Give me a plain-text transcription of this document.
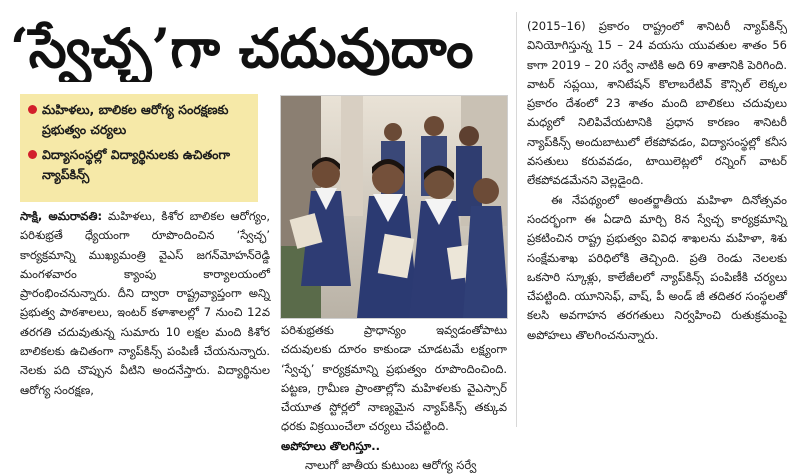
‘స్వేచ్ఛ’గా చదువుదాం
మహిళలు, బాలికల ఆరోగ్య సంరక్షణకు ప్రభుత్వం చర్యలు
విద్యాసంస్థల్లో విద్యార్థినులకు ఉచితంగా న్యాప్‌కిన్స్‌

సాక్షి, అమరావతి: మహిళలు, కిశోర బాలికల ఆరోగ్యం, పరిశుభ్రతే ధ్యేయంగా రూపొందించిన ‘స్వేచ్ఛ’ కార్యక్రమాన్ని ముఖ్యమంత్రి వైఎస్‌ జగన్‌మోహన్‌రెడ్డి మంగళవారం క్యాంపు కార్యాలయంలో ప్రారంభించనున్నారు. దీని ద్వారా రాష్ట్రవ్యాప్తంగా అన్ని ప్రభుత్వ పాఠశాలలు, ఇంటర్‌ కళాశాలల్లో 7 నుంచి 12వ తరగతి చదువుతున్న సుమారు 10 లక్షల మంది కిశోర బాలికలకు ఉచితంగా న్యాప్‌కిన్స్‌ పంపిణీ చేయనున్నారు. నెలకు పది చొప్పున వీటిని అందనేస్తారు. విద్యార్థినుల ఆరోగ్య సంరక్షణ,

పరిశుభ్రతకు ప్రాధాన్యం ఇవ్వడంతోపాటు చదువులకు దూరం కాకుండా చూడటమే లక్ష్యంగా ‘స్వేచ్ఛ’ కార్యక్రమాన్ని ప్రభుత్వం రూపొందించింది. పట్టణ, గ్రామీణ ప్రాంతాల్లోని మహిళలకు వైఎస్సార్‌ చేయూత స్టోర్లలో నాణ్యమైన న్యాప్‌కిన్స్‌ తక్కువ ధరకు విక్రయించేలా చర్యలు చేపట్టింది.

అపోహలు తొలగిస్తూ..

నాలుగో జాతీయ కుటుంబ ఆరోగ్య సర్వే

(2015–16) ప్రకారం రాష్ట్రంలో శానిటరీ న్యాప్‌కిన్స్‌ వినియోగిస్తున్న 15 – 24 వయసు యువతుల శాతం 56 కాగా 2019 – 20 సర్వే నాటికి అది 69 శాతానికి పెరిగింది. వాటర్‌ సప్లయి, శానిటేషన్‌ కొలాబరేటివ్‌ కౌన్సిల్‌ లెక్కల ప్రకారం దేశంలో 23 శాతం మంది బాలికలు చదువులు మధ్యలో నిలిపివేయటానికి ప్రధాన కారణం శానిటరీ న్యాప్‌కిన్స్‌ అందుబాటులో లేకపోవడం, విద్యాసంస్థల్లో కనీస వసతులు కరువవడం, టాయిలెట్లలో రన్నింగ్‌ వాటర్‌ లేకపోవడమేనని వెల్లడైంది.

ఈ నేపథ్యంలో అంతర్జాతీయ మహిళా దినోత్సవం సందర్భంగా ఈ ఏడాది మార్చి 8న స్వేచ్ఛ కార్యక్రమాన్ని ప్రకటించిన రాష్ట్ర ప్రభుత్వం వివిధ శాఖలను మహిళా, శిశు సంక్షేమశాఖ పరిధిలోకి తెచ్చింది. ప్రతి రెండు నెలలకు ఒకసారి స్కూళ్లు, కాలేజీలలో న్యాప్‌కిన్స్‌ పంపిణీకి చర్యలు చేపట్టింది. యూనిసెఫ్‌, వాష్‌, పీ అండ్‌ జీ తదితర సంస్థలతో కలసి అవగాహన తరగతులు నిర్వహించి రుతుక్రమంపై అపోహలు తొలగించనున్నారు.
